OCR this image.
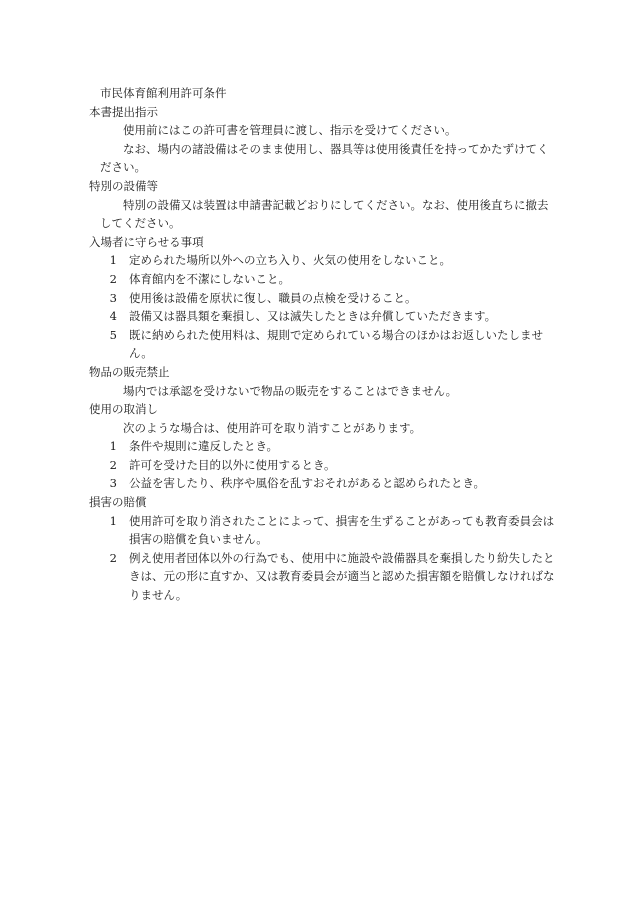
市民体育館利用許可条件
本書提出指示
使用前にはこの許可書を管理員に渡し、指示を受けてください。
なお、場内の諸設備はそのまま使用し、器具等は使用後責任を持ってかたずけてください。
特別の設備等
特別の設備又は装置は申請書記載どおりにしてください。なお、使用後直ちに撤去してください。
入場者に守らせる事項
1	定められた場所以外への立ち入り、火気の使用をしないこと。
2	体育館内を不潔にしないこと。
3	使用後は設備を原状に復し、職員の点検を受けること。
4	設備又は器具類を棄損し、又は滅失したときは弁償していただきます。
5	既に納められた使用料は、規則で定められている場合のほかはお返しいたしません。
物品の販売禁止
場内では承認を受けないで物品の販売をすることはできません。
使用の取消し
次のような場合は、使用許可を取り消すことがあります。
1	条件や規則に違反したとき。
2	許可を受けた目的以外に使用するとき。
3	公益を害したり、秩序や風俗を乱すおそれがあると認められたとき。
損害の賠償
1	使用許可を取り消されたことによって、損害を生ずることがあっても教育委員会は損害の賠償を負いません。
2	例え使用者団体以外の行為でも、使用中に施設や設備器具を棄損したり紛失したときは、元の形に直すか、又は教育委員会が適当と認めた損害額を賠償しなければなりません。
